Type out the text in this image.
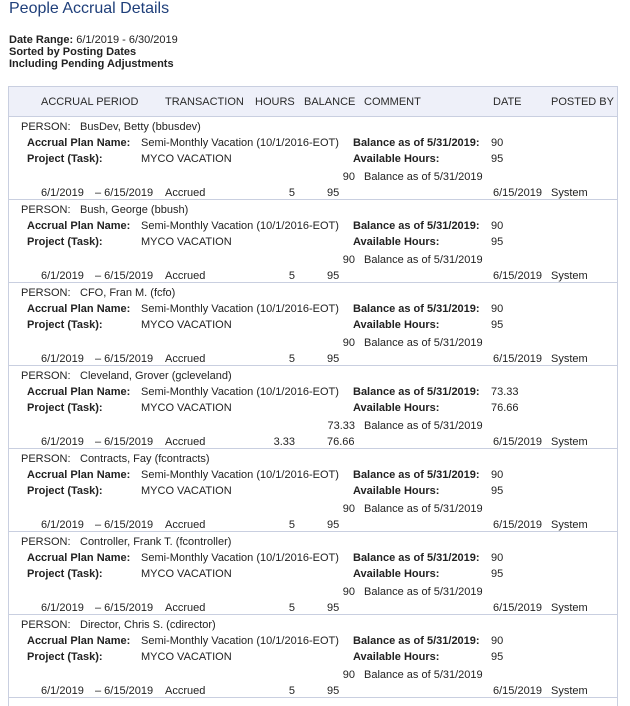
People Accrual Details
Date Range: 6/1/2019 - 6/30/2019
Sorted by Posting Dates
Including Pending Adjustments
ACCRUAL PERIOD TRANSACTION HOURS BALANCE COMMENT	DATE	POSTED BY
PERSON: BusDev, Betty (bbusdev)
Accrual Plan Name: Semi-Monthly Vacation (10/1/2016-EOT) Balance as of 5/31/2019: 90
Project (Task):	MYCO VACATION	Available Hours:	95
90 Balance as of 5/31/2019
6/1/2019 – 6/15/2019 Accrued	5	95	6/15/2019 System
PERSON: Bush, George (bbush)
Accrual Plan Name: Semi-Monthly Vacation (10/1/2016-EOT) Balance as of 5/31/2019: 90
Project (Task):	MYCO VACATION	Available Hours:	95
90 Balance as of 5/31/2019
6/1/2019 – 6/15/2019 Accrued	5	95	6/15/2019 System
PERSON: CFO, Fran M. (fcfo)
Accrual Plan Name: Semi-Monthly Vacation (10/1/2016-EOT) Balance as of 5/31/2019: 90
Project (Task):	MYCO VACATION	Available Hours:	95
90 Balance as of 5/31/2019
6/1/2019 – 6/15/2019 Accrued	5	95	6/15/2019 System
PERSON: Cleveland, Grover (gcleveland)
Accrual Plan Name: Semi-Monthly Vacation (10/1/2016-EOT) Balance as of 5/31/2019: 73.33
Project (Task):	MYCO VACATION	Available Hours:	76.66
73.33 Balance as of 5/31/2019
6/1/2019 – 6/15/2019 Accrued	3.33	76.66	6/15/2019 System
PERSON: Contracts, Fay (fcontracts)
Accrual Plan Name: Semi-Monthly Vacation (10/1/2016-EOT) Balance as of 5/31/2019: 90
Project (Task):	MYCO VACATION	Available Hours:	95
90 Balance as of 5/31/2019
6/1/2019 – 6/15/2019 Accrued	5	95	6/15/2019 System
PERSON: Controller, Frank T. (fcontroller)
Accrual Plan Name: Semi-Monthly Vacation (10/1/2016-EOT) Balance as of 5/31/2019: 90
Project (Task):	MYCO VACATION	Available Hours:	95
90 Balance as of 5/31/2019
6/1/2019 – 6/15/2019 Accrued	5	95	6/15/2019 System
PERSON: Director, Chris S. (cdirector)
Accrual Plan Name: Semi-Monthly Vacation (10/1/2016-EOT) Balance as of 5/31/2019: 90
Project (Task):	MYCO VACATION	Available Hours:	95
90 Balance as of 5/31/2019
6/1/2019 – 6/15/2019 Accrued	5	95	6/15/2019 System
